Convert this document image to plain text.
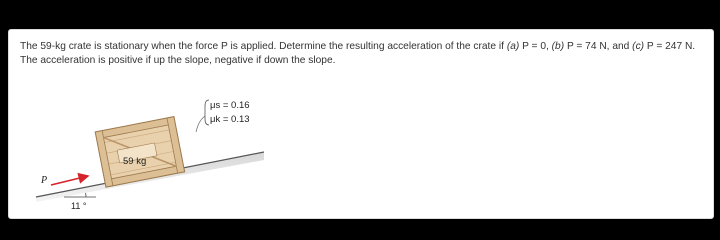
The 59-kg crate is stationary when the force P is applied. Determine the resulting acceleration of the crate if (a) P = 0, (b) P = 74 N, and (c) P = 247 N. The acceleration is positive if up the slope, negative if down the slope.

P
11 °
59 kg
μs = 0.16
μk = 0.13
